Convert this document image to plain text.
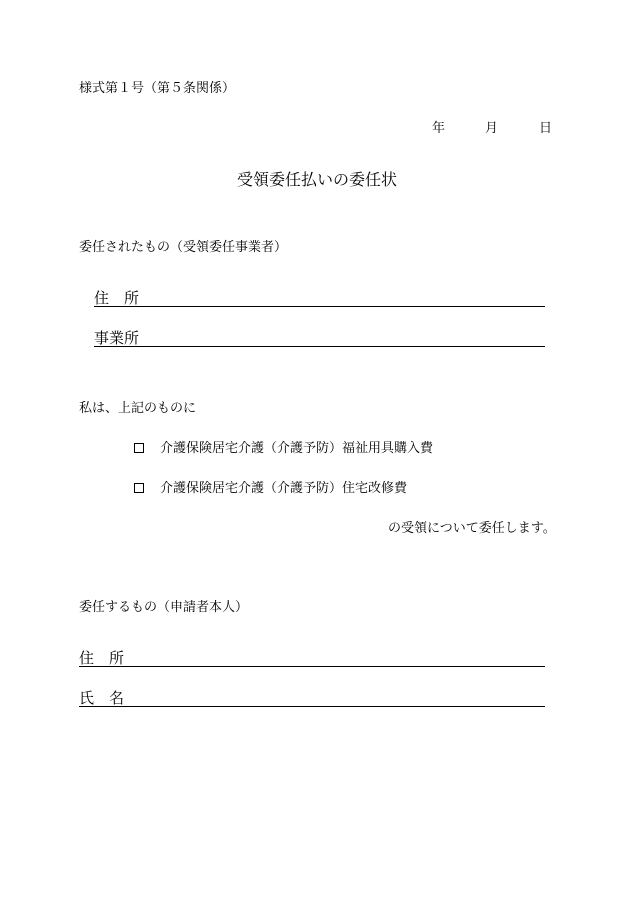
様式第１号（第５条関係）
年	月	日
受領委任払いの委任状
委任されたもの（受領委任事業者）
住　所
事業所
私は、上記のものに
介護保険居宅介護（介護予防）福祉用具購入費
介護保険居宅介護（介護予防）住宅改修費
の受領について委任します。
委任するもの（申請者本人）
住　所
氏　名
